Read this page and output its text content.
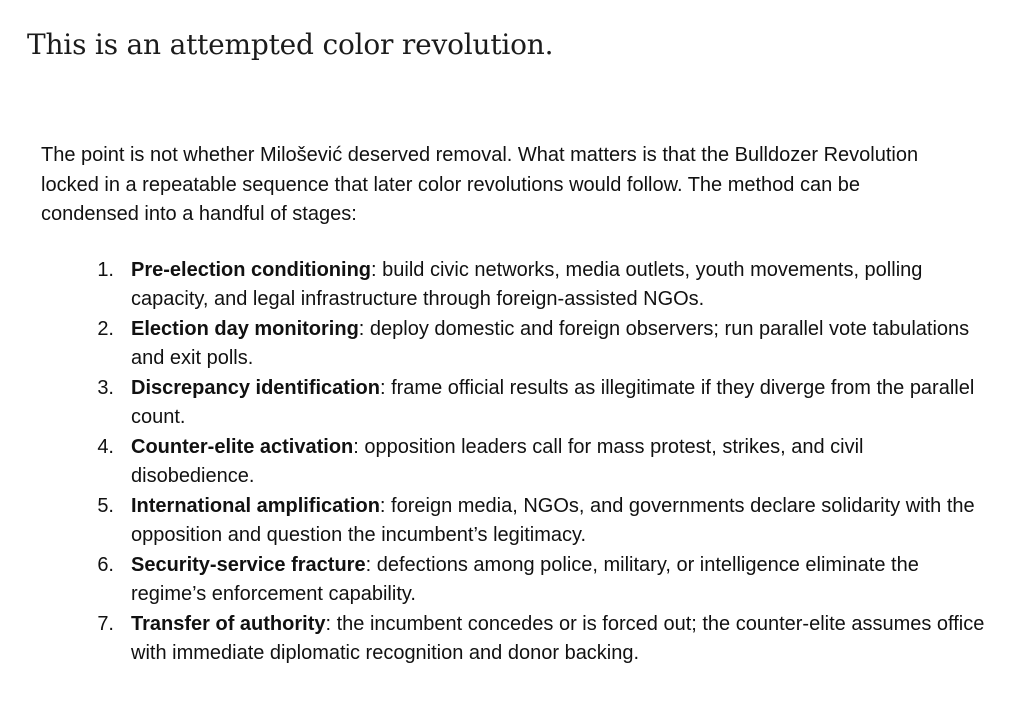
This is an attempted color revolution.

The point is not whether Milošević deserved removal. What matters is that the Bulldozer Revolution locked in a repeatable sequence that later color revolutions would follow. The method can be condensed into a handful of stages:

1. Pre-election conditioning: build civic networks, media outlets, youth movements, polling capacity, and legal infrastructure through foreign-assisted NGOs.
2. Election day monitoring: deploy domestic and foreign observers; run parallel vote tabulations and exit polls.
3. Discrepancy identification: frame official results as illegitimate if they diverge from the parallel count.
4. Counter-elite activation: opposition leaders call for mass protest, strikes, and civil disobedience.
5. International amplification: foreign media, NGOs, and governments declare solidarity with the opposition and question the incumbent’s legitimacy.
6. Security-service fracture: defections among police, military, or intelligence eliminate the regime’s enforcement capability.
7. Transfer of authority: the incumbent concedes or is forced out; the counter-elite assumes office with immediate diplomatic recognition and donor backing.
